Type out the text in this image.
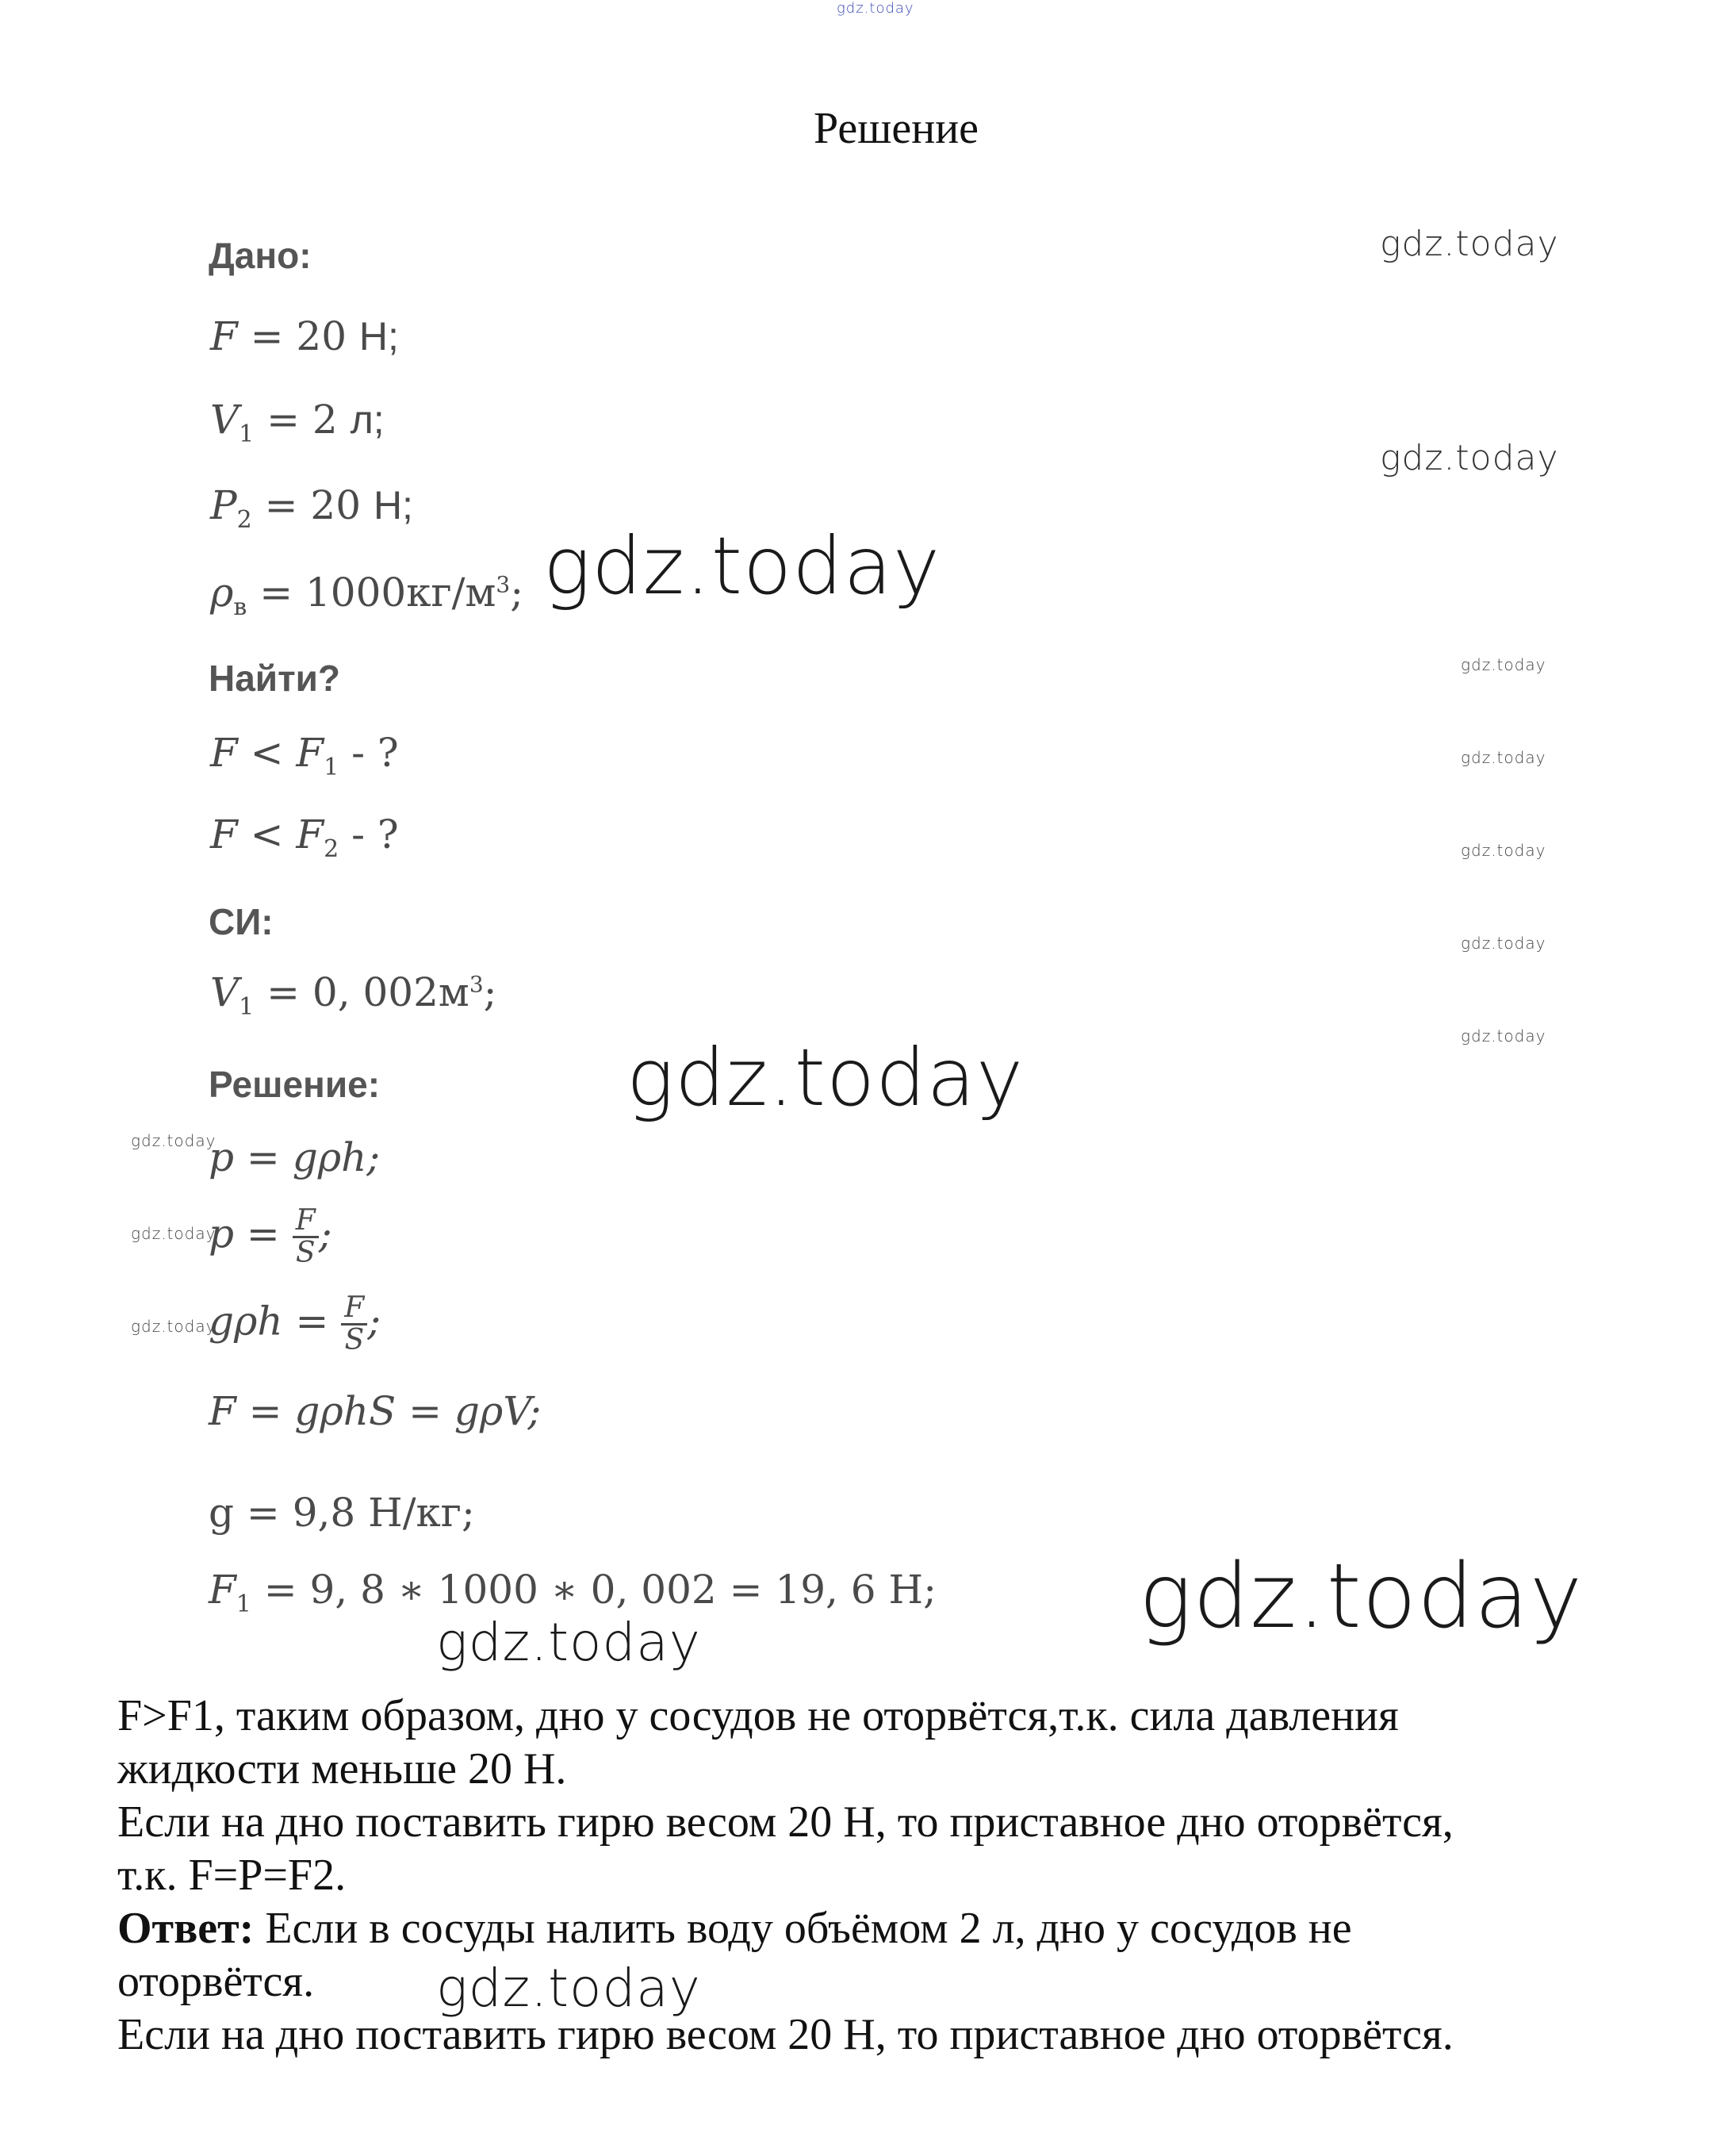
gdz.today
Решение
Дано:
F = 20 Н;
$V_1 = 2$ л;
$P_2 = 20$ Н;
$\rho_в = 1000кг/м^3$;
Найти?
$F < F_1$ - ?
$F < F_2$ - ?
СИ:
$V_1 = 0$, $002м^3$;
Решение:
p = gρh;
$p = \frac{F}{S}$ ;
$g\rho h = \frac{F}{S}$ ;
F = gρhS = gρV;
g = 9,8 Н/кг;
$F_1 = 9$, 8 ∗ 1000 ∗ 0, 002 = 19, 6 Н;
F>F1, таким образом, дно у сосудов не оторвётся,т.к. сила давления
жидкости меньше 20 Н.
Если на дно поставить гирю весом 20 Н, то приставное дно оторвётся,
т.к. F=P=F2.
Ответ: Если в сосуды налить воду объёмом 2 л, дно у сосудов не
оторвётся.
Если на дно поставить гирю весом 20 Н, то приставное дно оторвётся.
gdz.today
gdz.today
gdz.today
gdz.today
gdz.today
gdz.today
gdz.today
gdz.today
gdz.today
gdz.today
gdz.today
gdz.today
gdz.today
gdz.today
gdz.today
